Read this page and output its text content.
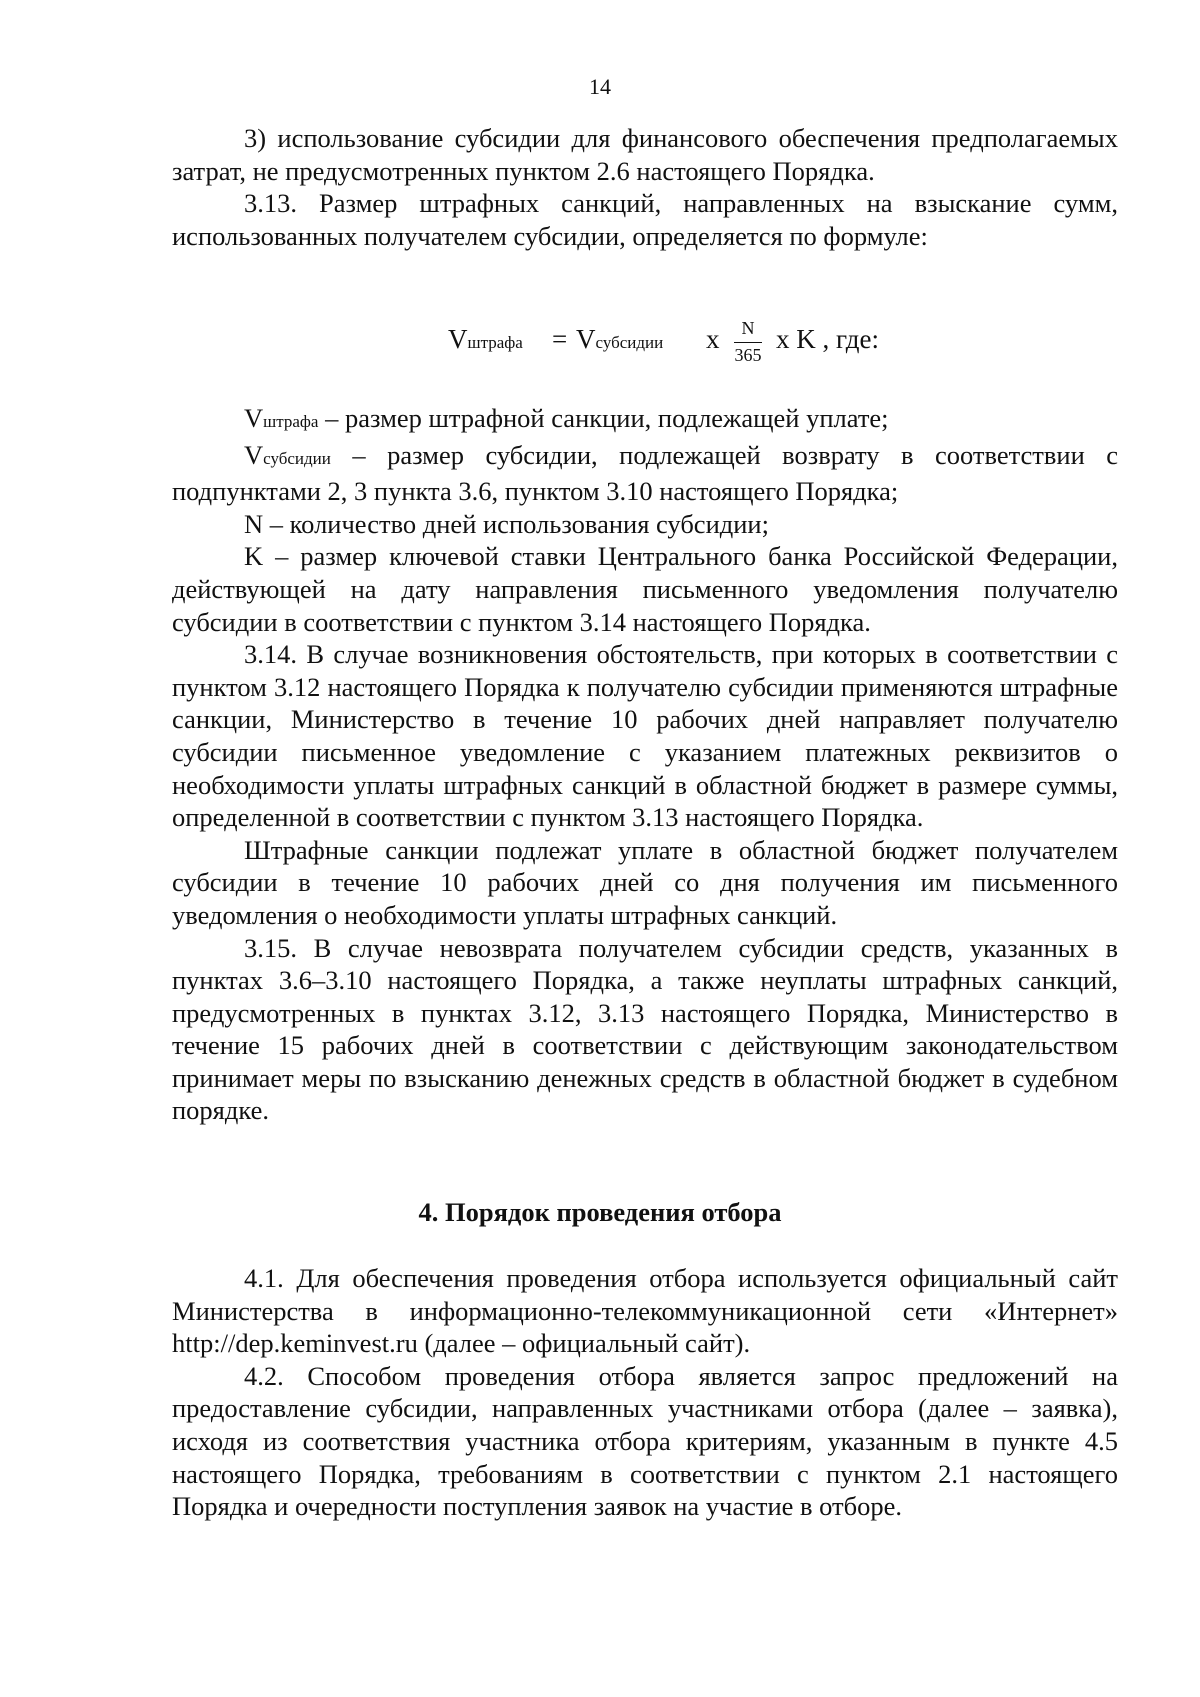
14

3) использование субсидии для финансового обеспечения предполагаемых затрат, не предусмотренных пунктом 2.6 настоящего Порядка.

3.13. Размер штрафных санкций, направленных на взыскание сумм, использованных получателем субсидии, определяется по формуле:

Vштрафа = Vсубсидии х	N
365
х K , где:

Vштрафа – размер штрафной санкции, подлежащей уплате;

Vсубсидии – размер субсидии, подлежащей возврату в соответствии с подпунктами 2, 3 пункта 3.6, пунктом 3.10 настоящего Порядка;

N – количество дней использования субсидии;

K – размер ключевой ставки Центрального банка Российской Федерации, действующей на дату направления письменного уведомления получателю субсидии в соответствии с пунктом 3.14 настоящего Порядка.

3.14. В случае возникновения обстоятельств, при которых в соответствии с пунктом 3.12 настоящего Порядка к получателю субсидии применяются штрафные санкции, Министерство в течение 10 рабочих дней направляет получателю субсидии письменное уведомление с указанием платежных реквизитов о необходимости уплаты штрафных санкций в областной бюджет в размере суммы, определенной в соответствии с пунктом 3.13 настоящего Порядка.

Штрафные санкции подлежат уплате в областной бюджет получателем субсидии в течение 10 рабочих дней со дня получения им письменного уведомления о необходимости уплаты штрафных санкций.

3.15. В случае невозврата получателем субсидии средств, указанных в пунктах 3.6–3.10 настоящего Порядка, а также неуплаты штрафных санкций, предусмотренных в пунктах 3.12, 3.13 настоящего Порядка, Министерство в течение 15 рабочих дней в соответствии с действующим законодательством принимает меры по взысканию денежных средств в областной бюджет в судебном порядке.

4. Порядок проведения отбора

4.1. Для обеспечения проведения отбора используется официальный сайт Министерства в информационно-телекоммуникационной сети «Интернет» http://dep.keminvest.ru (далее – официальный сайт).

4.2. Способом проведения отбора является запрос предложений на предоставление субсидии, направленных участниками отбора (далее – заявка), исходя из соответствия участника отбора критериям, указанным в пункте 4.5 настоящего Порядка, требованиям в соответствии с пунктом 2.1 настоящего Порядка и очередности поступления заявок на участие в отборе.
